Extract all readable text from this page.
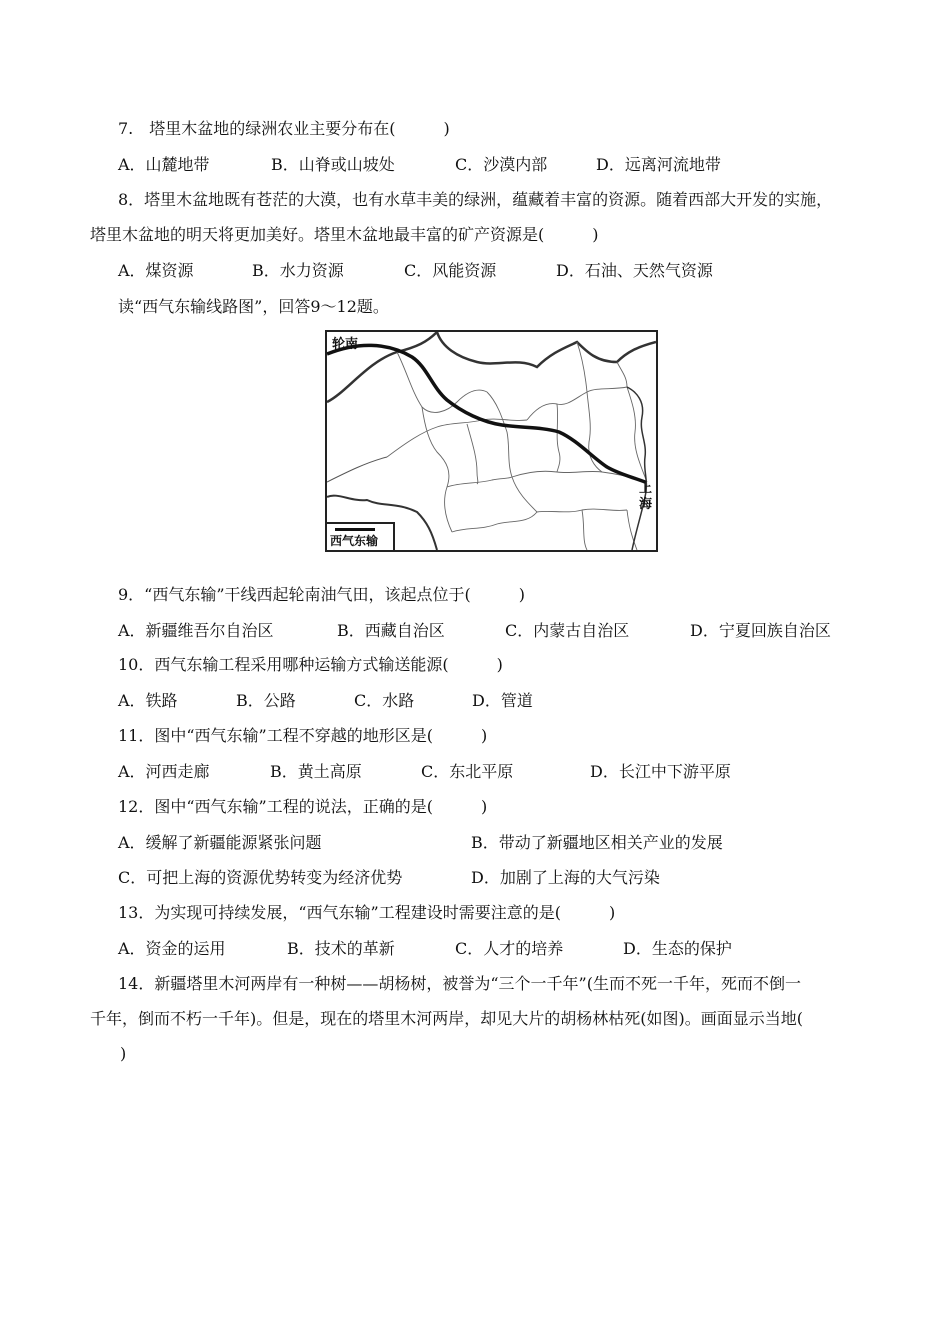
7.　塔里木盆地的绿洲农业主要分布在(　　　)
A．山麓地带	B．山脊或山坡处	C．沙漠内部	D．远离河流地带
8．塔里木盆地既有苍茫的大漠，也有水草丰美的绿洲，蕴藏着丰富的资源。随着西部大开发的实施，
塔里木盆地的明天将更加美好。塔里木盆地最丰富的矿产资源是(　　　)
A．煤资源	B．水力资源	C．风能资源	D．石油、天然气资源
读“西气东输线路图”，回答9～12题。
轮南
上
海
西气东输
9．“西气东输”干线西起轮南油气田，该起点位于(　　　)
A．新疆维吾尔自治区	B．西藏自治区	C．内蒙古自治区	D．宁夏回族自治区
10．西气东输工程采用哪种运输方式输送能源(　　　)
A．铁路	B．公路	C．水路	D．管道
11．图中“西气东输”工程不穿越的地形区是(　　　)
A．河西走廊	B．黄土高原	C．东北平原	D．长江中下游平原
12．图中“西气东输”工程的说法，正确的是(　　　)
A．缓解了新疆能源紧张问题	B．带动了新疆地区相关产业的发展
C．可把上海的资源优势转变为经济优势	D．加剧了上海的大气污染
13．为实现可持续发展，“西气东输”工程建设时需要注意的是(　　　)
A．资金的运用	B．技术的革新	C．人才的培养	D．生态的保护
14．新疆塔里木河两岸有一种树——胡杨树，被誉为“三个一千年”(生而不死一千年，死而不倒一
千年，倒而不朽一千年)。但是，现在的塔里木河两岸，却见大片的胡杨林枯死(如图)。画面显示当地(
)
